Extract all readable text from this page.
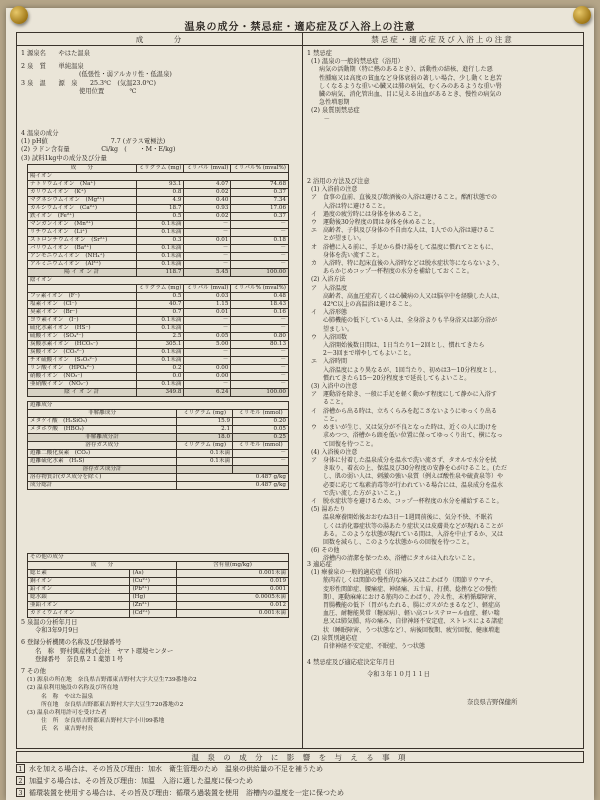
温泉の成分・禁忌症・適応症及び入浴上の注意
成　　　分	禁忌症・適応症及び入浴上の注意
1 源泉名　　 やはた温泉
2 泉　質　　 単純温泉
(低張性・弱アルカリ性・低温泉)
3 泉　温　　 源　泉　　 25.3℃　 (気温23.0℃)
使用位置　　　　	℃
4 温泉の成分
(1) pH値　　　　　　　　　　	7.7 (ガラス電極法)
(2) ラドン含有量　　　　　	Ci/kg　(　　・M・E/kg)
(3) 試料1kg中の成分及び分量
成　　分	ミリグラム (mg)	ミリバル (mval)	ミリバル% (mval%)
陽イオン			
ナトリウムイオン　(Na⁺)	93.1	4.07	74.68
カリウムイオン　(K⁺)	0.8	0.02	0.37
マグネシウムイオン　(Mg²⁺)	4.9	0.40	7.34
カルシウムイオン　(Ca²⁺)	18.7	0.93	17.06
鉄イオン　(Fe²⁺)	0.5	0.02	0.37
マンガンイオン　(Mn²⁺)	0.1未満	－	－
リチウムイオン　(Li⁺)	0.1未満	－	－
ストロンチウムイオン　(Sr²⁺)	0.3	0.01	0.18
バリウムイオン　(Ba²⁺)	0.1未満	－	－
アンモニウムイオン　(NH₄⁺)	0.1未満	－	－
アルミニウムイオン　(Al³⁺)	0.1未満	－	－
陽 イ オ ン 計	118.7	5.45	100.00
陰イオン			
	ミリグラム (mg)	ミリバル (mval)	ミリバル% (mval%)
フッ素イオン　(F⁻)	0.5	0.03	0.48
塩素イオン　(Cl⁻)	40.7	1.15	18.43
臭素イオン　(Br⁻)	0.7	0.01	0.16
ヨウ素イオン　(I⁻)	0.1未満	－	－
硫化水素イオン　(HS⁻)	0.1未満	－	－
硫酸イオン　(SO₄²⁻)	2.5	0.05	0.80
炭酸水素イオン　(HCO₃⁻)	305.1	5.00	80.13
炭酸イオン　(CO₃²⁻)	0.1未満	－	－
チオ硫酸イオン　(S₂O₃²⁻)	0.1未満	－	－
リン酸イオン　(HPO₄²⁻)	0.2	0.00	－
硝酸イオン　(NO₃⁻)	0.0	0.00	－
亜硝酸イオン　(NO₂⁻)	0.1未満	－	－
陰 イ オ ン 計	349.8	6.24	100.00
遊離成分		
非解離成分	ミリグラム (mg)	ミリモル (mmol)
メタケイ酸　(H₂SiO₃)	15.9	0.20
メタホウ酸　(HBO₂)	2.1	0.05
非解離成分計	18.0	0.25
溶存ガス成分	ミリグラム (mg)	ミリモル (mmol)
遊離二酸化炭素　(CO₂)	0.1未満	－
遊離硫化水素　(H₂S)	0.1未満	－
溶存ガス成分計		
溶存物質計(ガス成分を除く)	0.487 g/kg	
成分総計	0.487 g/kg	
その他の成分		
成　　分		含有量(mg/kg)
総ヒ素	(As)	0.001未満
銅イオン	(Cu²⁺)	0.019
鉛イオン	(Pb²⁺)	0.001
総水銀	(Hg)	0.0005未満
亜鉛イオン	(Zn²⁺)	0.012
カドミウムイオン	(Cd²⁺)	0.001未満
5 泉温の分析年月日
令和3年9月9日
6 登録分析機関の名称及び登録番号
名　称　野村興産株式会社　ヤマト環境センター
登録番号　奈良県２１薬第１号
7 その他
(1) 源泉の所在地　奈良県吉野郡東吉野村大字大豆生739番地の2
(2) 温泉利用施設の名称及び所在地
名　称　やはた温泉
所在地　奈良県吉野郡東吉野村大字大豆生720番地の2
(3) 温泉の利用許可を受けた者
住　所　奈良県吉野郡東吉野村大字小川99番地
氏　名　東吉野村長
1 禁忌症
(1) 温泉の一般的禁忌症（浴用）
病気の活動期（特に熱のあるとき）、活動性の結核、進行した悪
性腫瘍又は高度の貧血など身体衰弱の著しい場合、少し動くと息苦
しくなるような重い心臓又は肺の病気、むくみのあるような重い腎
臓の病気、消化管出血、目に見える出血があるとき、慢性の病気の
急性増悪期
(2) 泉質別禁忌症
　　－
2 浴用の方法及び注意
(1) 入浴前の注意
ア　食事の直前、直後及び飲酒後の入浴は避けること。酩酊状態での
　　入浴は特に避けること。
イ　過度の疲労時には身体を休めること。
ウ　運動後30分程度の間は身体を休めること。
エ　高齢者、子供及び身体の不自由な人は、1人での入浴は避けるこ
　　とが望ましい。
オ　浴槽に入る前に、手足から掛け湯をして温度に慣れてとともに、
　　身体を洗い流すこと。
カ　入浴時、特に起床直後の入浴時などは脱水症状等にならないよう、
　　あらかじめコップ一杯程度の水分を補給しておくこと。
(2) 入浴方法
ア　入浴温度
　　高齢者、高血圧症若しくは心臓病の人又は脳卒中を経験した人は、
　　42℃以上の高温浴は避けること。
イ　入浴形態
　　心肺機能の低下している人は、全身浴よりも半身浴又は部分浴が
　　望ましい。
ウ　入浴回数
　　入浴開始後数日間は、1日当たり1～2回とし、慣れてきたら
　　2～3回まで増やしてもよいこと。
エ　入浴時間
　　入浴温度により異なるが、1回当たり、初めは3～10分程度とし、
　　慣れてきたら15～20分程度まで延長してもよいこと。
(3) 入浴中の注意
ア　運動浴を除き、一般に手足を軽く動かす程度にして静かに入浴す
　　ること。
イ　浴槽から出る時は、立ちくらみを起こさないようにゆっくり出る
　　こと。
ウ　めまいが生じ、又は気分が不良となった時は、近くの人に助けを
　　求めつつ、浴槽から頭を低い位置に保ってゆっくり出て、横になっ
　　て回復を待つこと。
(4) 入浴後の注意
ア　身体に付着した温泉成分を温水で洗い流さず、タオルで水分を拭
　　き取り、着衣の上、保温及び30分程度の安静を心がけること。(ただ
　　し、肌の弱い人は、刺激の強い泉質（例えば酸性泉や硫黄泉等）や
　　必要に応じて塩素消毒等が行われている場合には、温泉成分を温水
　　で洗い流した方がよいこと。)
イ　脱水症状等を避けるため、コップ一杯程度の水分を補給すること。
(5) 湯あたり
　　温泉療養開始後おおむね3日～1週間前後に、気分不快、不眠若
　　しくは消化器症状等の湯あたり症状又は皮膚炎などが現れることが
　　ある。このような状態が現れている間は、入浴を中止するか、又は
　　回数を減らし、このような状態からの回復を待つこと。
(6) その他
　　浴槽内の清潔を保つため、浴槽にタオルは入れないこと。
3 適応症
(1) 療養泉の一般的適応症（浴用）
　　筋肉若しくは関節の慢性的な痛み又はこわばり（関節リウマチ、
　　変形性関節症、腰痛症、神経痛、五十肩、打撲、捻挫などの慢性
　　期）、運動麻痺における筋肉のこわばり、冷え性、末梢循環障害、
　　胃腸機能の低下（胃がもたれる、腸にガスがたまるなど）、軽症高
　　血圧、耐糖能異常（糖尿病）、軽い高コレステロール血症、軽い喘
　　息又は肺気腫、痔の痛み、自律神経不安定症、ストレスによる諸症
　　状（睡眠障害、うつ状態など）、病後回復期、疲労回復、健康増進
(2) 泉質別適応症
　　自律神経不安定症、不眠症、うつ状態
4 禁忌症及び適応症決定年月日
令和３年１０月１１日
奈良県吉野保健所
温 泉 の 成 分 に 影 響 を 与 え る 事 項
1 水を加える場合は、その旨及び理由：加水　衛生管理のため　温泉の供給量の不足を補うため
2 加温する場合は、その旨及び理由：加温　入浴に適した温度に保つため
3 循環装置を使用する場合は、その旨及び理由：循環ろ過装置を使用　浴槽内の温度を一定に保つため
